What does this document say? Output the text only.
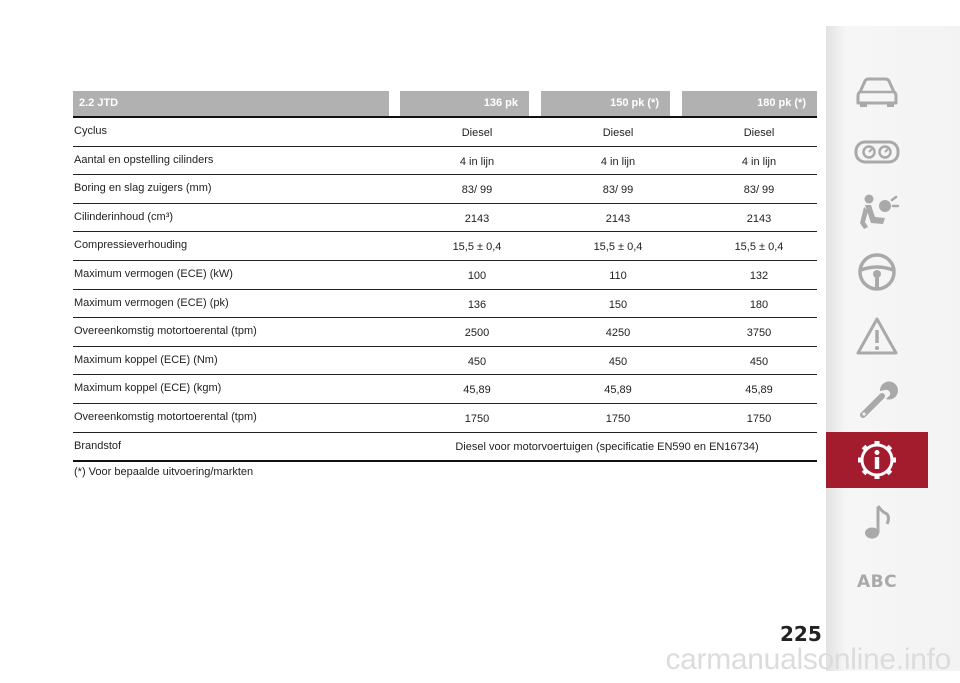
2.2 JTD	136 pk	150 pk (*)	180 pk (*)
Cyclus	Diesel	Diesel	Diesel
Aantal en opstelling cilinders	4 in lijn	4 in lijn	4 in lijn
Boring en slag zuigers (mm)	83/ 99	83/ 99	83/ 99
Cilinderinhoud (cm³)	2143	2143	2143
Compressieverhouding	15,5 ± 0,4	15,5 ± 0,4	15,5 ± 0,4
Maximum vermogen (ECE) (kW)	100	110	132
Maximum vermogen (ECE) (pk)	136	150	180
Overeenkomstig motortoerental (tpm)	2500	4250	3750
Maximum koppel (ECE) (Nm)	450	450	450
Maximum koppel (ECE) (kgm)	45,89	45,89	45,89
Overeenkomstig motortoerental (tpm)	1750	1750	1750
Brandstof	Diesel voor motorvoertuigen (specificatie EN590 en EN16734)
(*) Voor bepaalde uitvoering/markten
ABC
225
carmanualsonline.info
